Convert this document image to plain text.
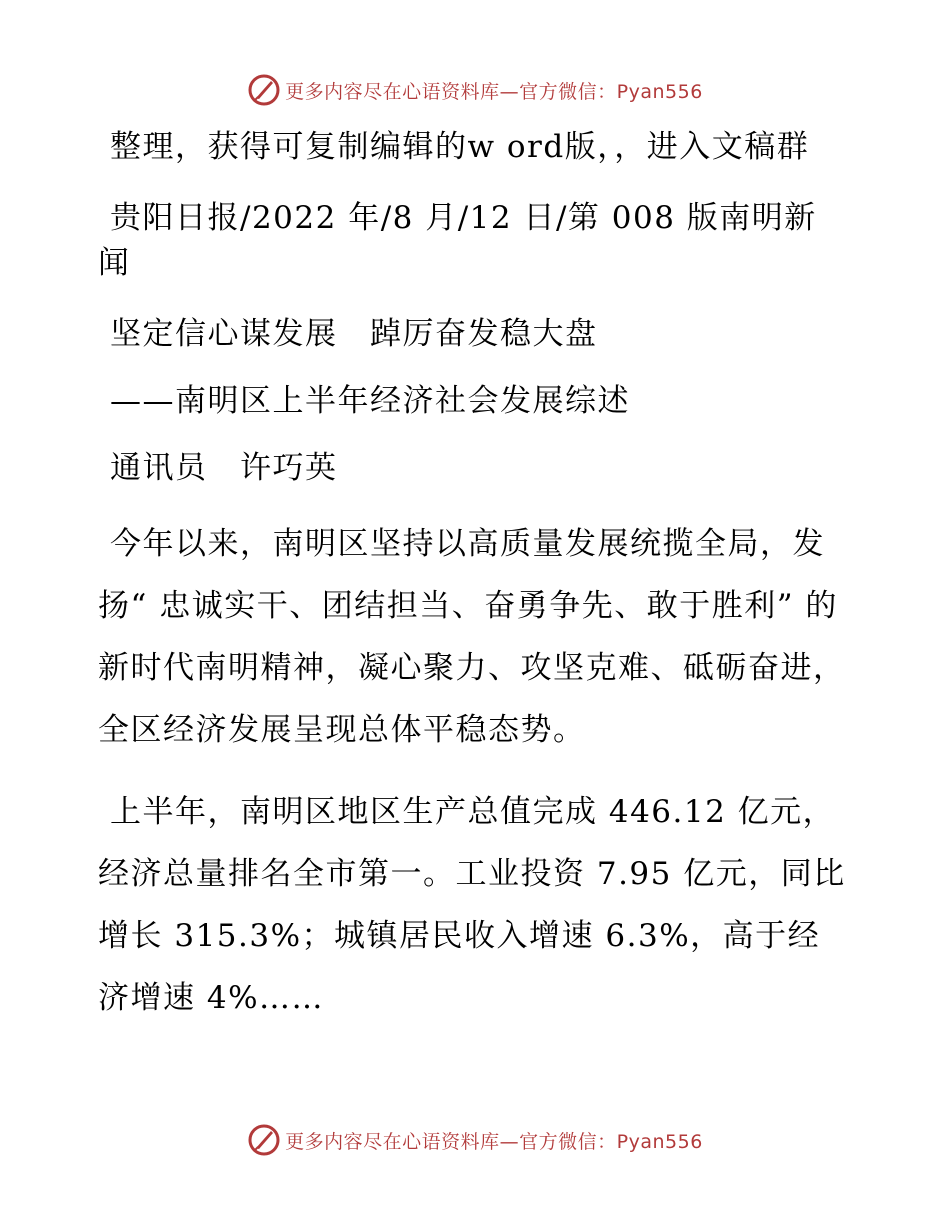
更多内容尽在心语资料库—官方微信：Pyan556

整理，获得可复制编辑的w ord版，，进入文稿群

贵阳日报/2022 年/8 月/12 日/第 008 版南明新闻

坚定信心谋发展　踔厉奋发稳大盘

——南明区上半年经济社会发展综述

通讯员　许巧英

今年以来，南明区坚持以高质量发展统揽全局，发扬“ 忠诚实干、团结担当、奋勇争先、敢于胜利” 的新时代南明精神，凝心聚力、攻坚克难、砥砺奋进，全区经济发展呈现总体平稳态势。

上半年，南明区地区生产总值完成 446.12 亿元，经济总量排名全市第一。工业投资 7.95 亿元，同比增长 315.3%；城镇居民收入增速 6.3%，高于经济增速 4%……

更多内容尽在心语资料库—官方微信：Pyan556
